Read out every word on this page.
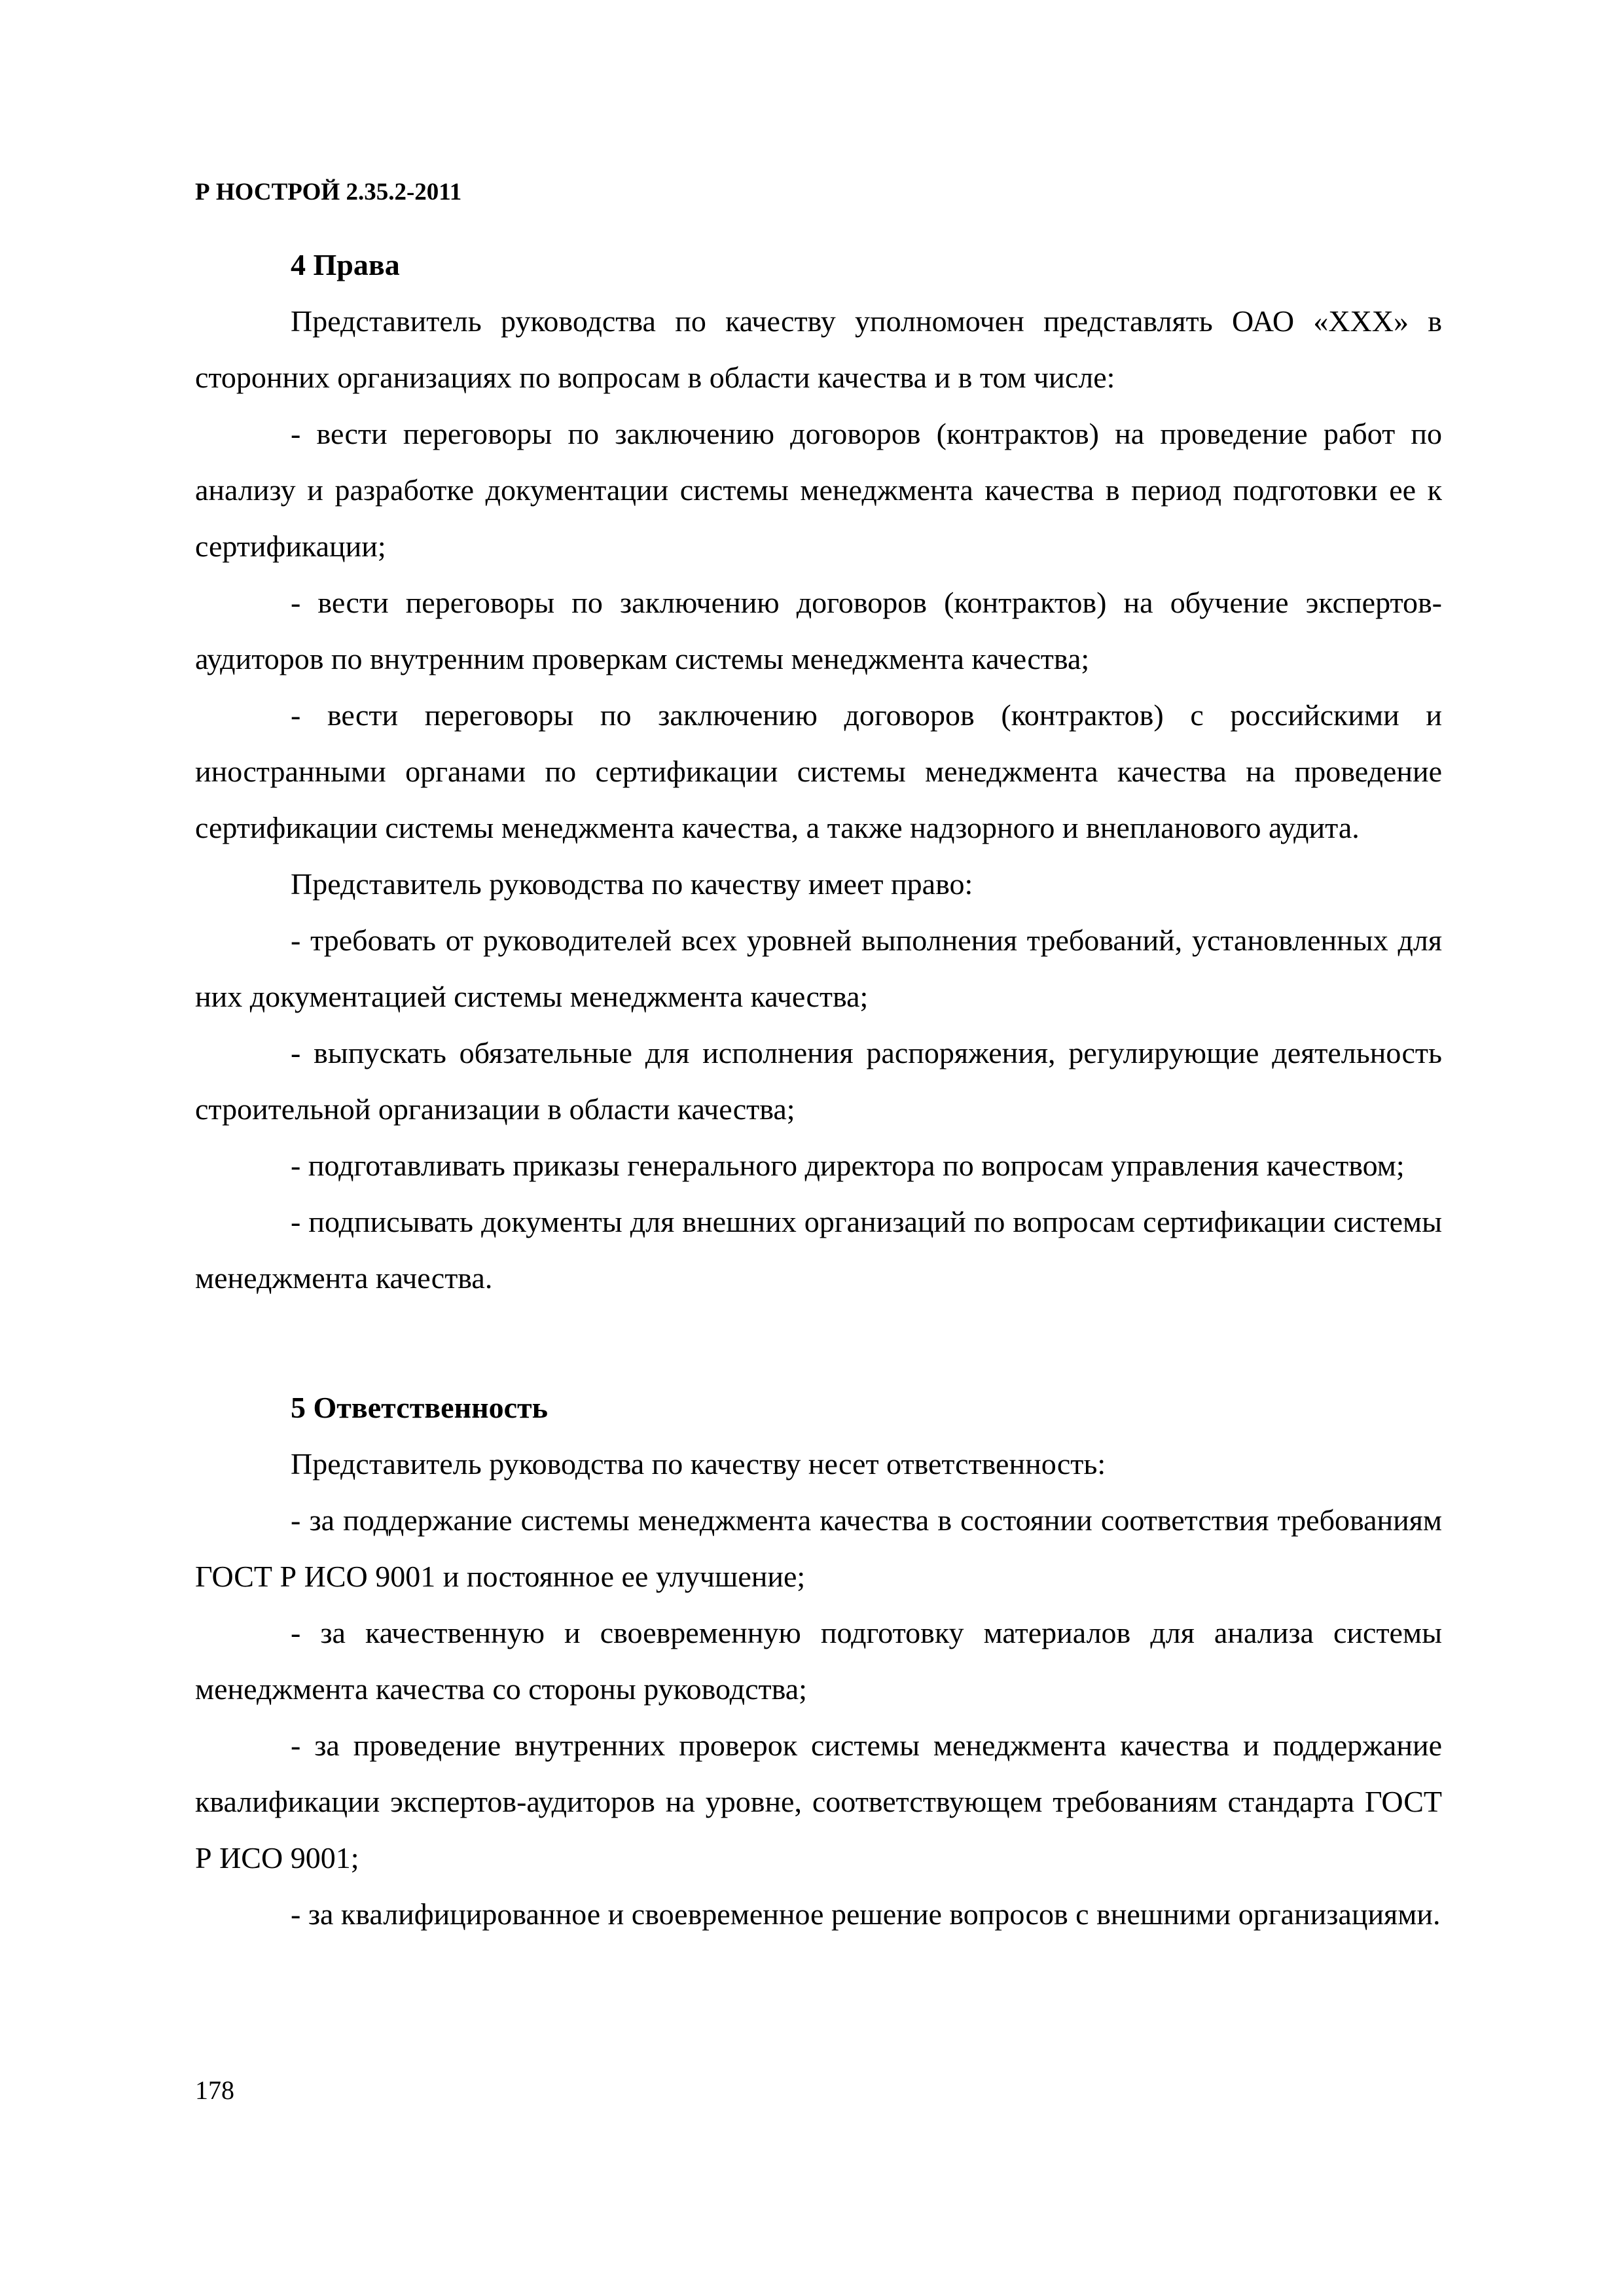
Р НОСТРОЙ 2.35.2-2011
4 Права

Представитель руководства по качеству уполномочен представлять ОАО «ХХХ» в сторонних организациях по вопросам в области качества и в том числе:

- вести переговоры по заключению договоров (контрактов) на проведение работ по анализу и разработке документации системы менеджмента качества в период подготовки ее к сертификации;

- вести переговоры по заключению договоров (контрактов) на обучение экспертов-аудиторов по внутренним проверкам системы менеджмента качества;

- вести переговоры по заключению договоров (контрактов) с российскими и иностранными органами по сертификации системы менеджмента качества на проведение сертификации системы менеджмента качества, а также надзорного и внепланового аудита.

Представитель руководства по качеству имеет право:

- требовать от руководителей всех уровней выполнения требований, установленных для них документацией системы менеджмента качества;

- выпускать обязательные для исполнения распоряжения, регулирующие деятельность строительной организации в области качества;

- подготавливать приказы генерального директора по вопросам управления качеством;

- подписывать документы для внешних организаций по вопросам сертификации системы менеджмента качества.

5 Ответственность

Представитель руководства по качеству несет ответственность:

- за поддержание системы менеджмента качества в состоянии соответствия требованиям ГОСТ Р ИСО 9001 и постоянное ее улучшение;

- за качественную и своевременную подготовку материалов для анализа системы менеджмента качества со стороны руководства;

- за проведение внутренних проверок системы менеджмента качества и поддержание квалификации экспертов-аудиторов на уровне, соответствующем требованиям стандарта ГОСТ Р ИСО 9001;

- за квалифицированное и своевременное решение вопросов с внешними организациями.

178
